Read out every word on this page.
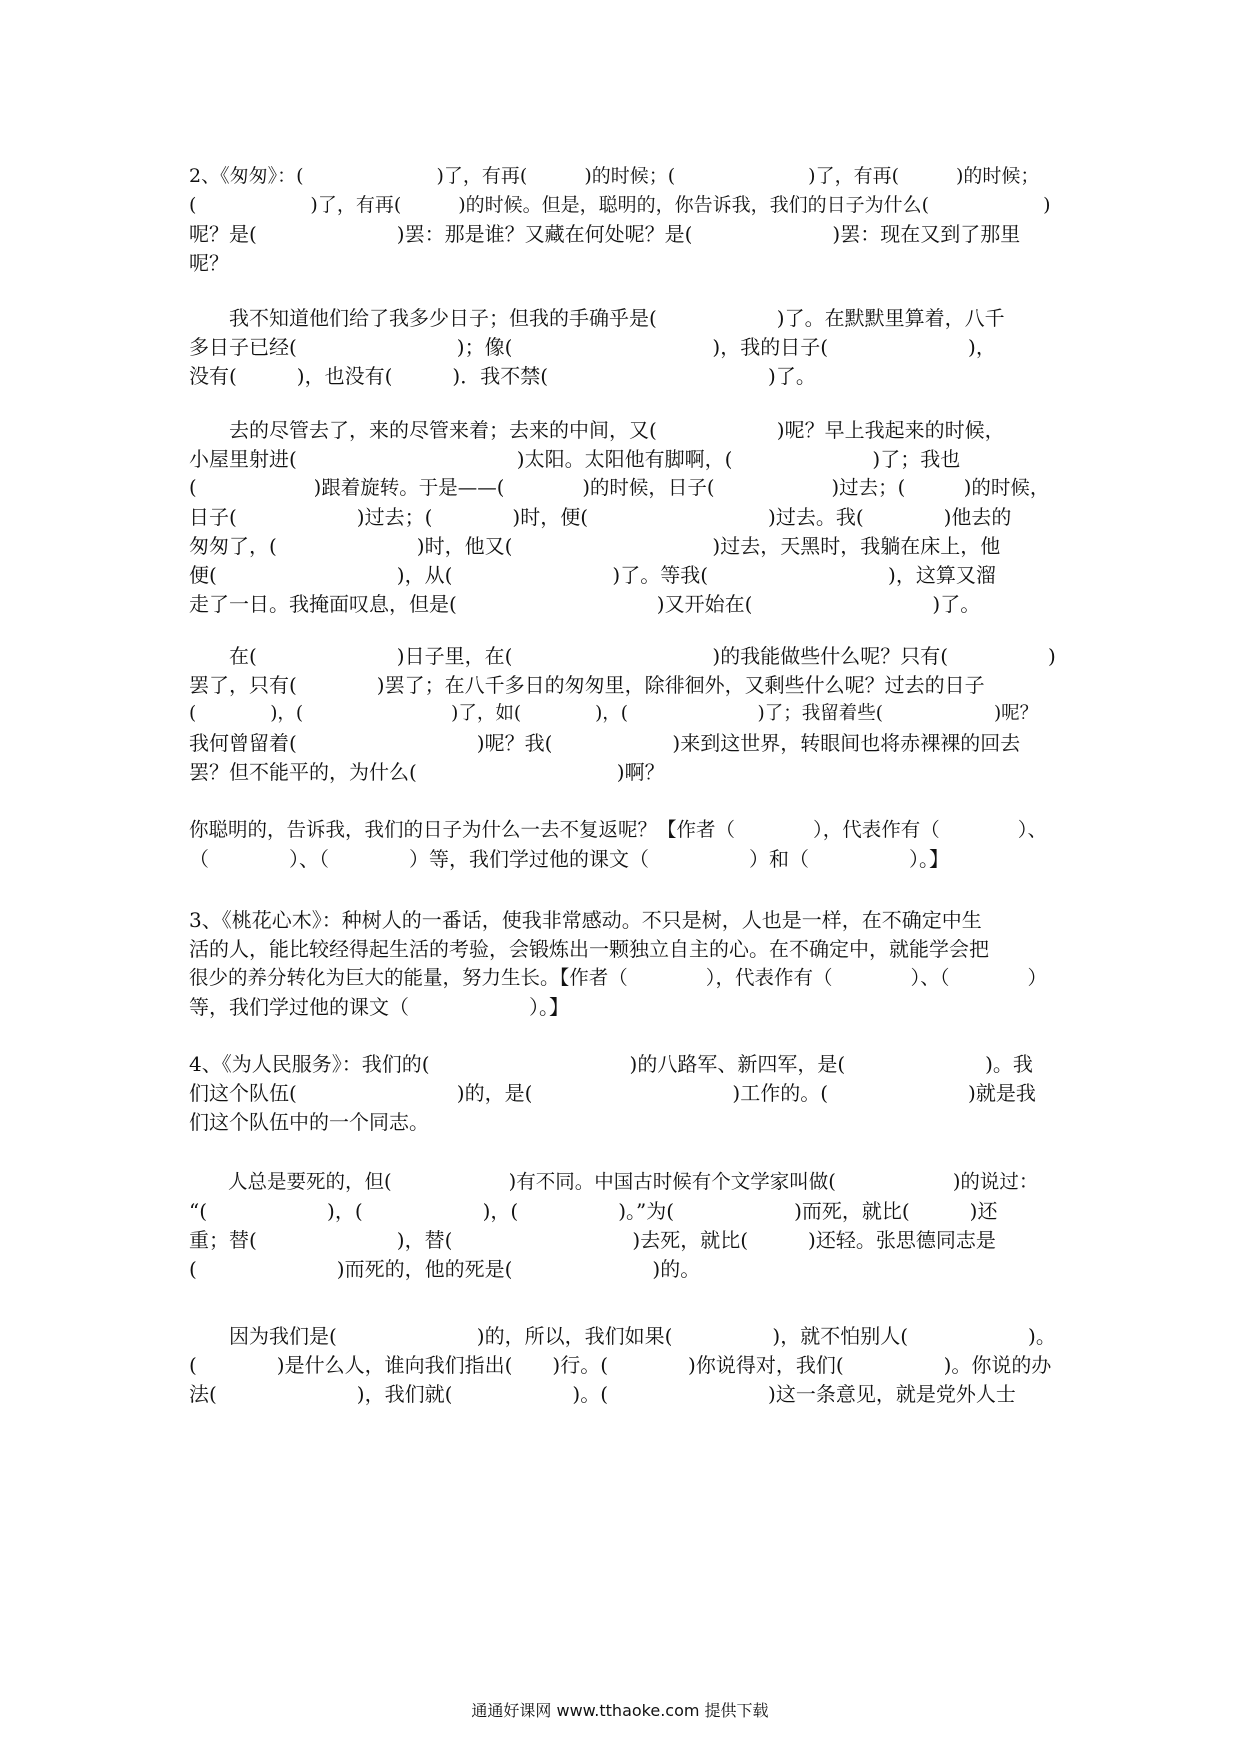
2、《匆匆》：(　　　　　　　)了，有再(　　　)的时候；(　　　　　　　)了，有再(　　　)的时候；
(　　　　　　)了，有再(　　　)的时候。但是，聪明的，你告诉我，我们的日子为什么(　　　　　　)
呢？是(　　　　　　　)罢：那是谁？又藏在何处呢？是(　　　　　　　)罢：现在又到了那里
呢？
　　我不知道他们给了我多少日子；但我的手确乎是(　　　　　　)了。在默默里算着，八千
多日子已经(　　　　　　　　)；像(　　　　　　　　　　)，我的日子(　　　　　　　)，
没有(　　　)，也没有(　　　)．我不禁(　　　　　　　　　　　)了。
　　去的尽管去了，来的尽管来着；去来的中间，又(　　　　　　)呢？早上我起来的时候，
小屋里射进(　　　　　　　　　　　)太阳。太阳他有脚啊，(　　　　　　　)了；我也
(　　　　　　)跟着旋转。于是——(　　　　)的时候，日子(　　　　　　)过去；(　　　)的时候，
日子(　　　　　　)过去；(　　　　)时，便(　　　　　　　　　)过去。我(　　　　)他去的
匆匆了，(　　　　　　　)时，他又(　　　　　　　　　　)过去，天黑时，我躺在床上，他
便(　　　　　　　　　)，从(　　　　　　　　)了。等我(　　　　　　　　　)，这算又溜
走了一日。我掩面叹息，但是(　　　　　　　　　　)又开始在(　　　　　　　　　)了。
　　在(　　　　　　　)日子里，在(　　　　　　　　　　)的我能做些什么呢？只有(　　　　　)
罢了，只有(　　　　)罢了；在八千多日的匆匆里，除徘徊外，又剩些什么呢？过去的日子
(　　　　)，(　　　　　　　　)了，如(　　　　)，(　　　　　　　)了；我留着些(　　　　　　)呢？
我何曾留着(　　　　　　　　　)呢？我(　　　　　　)来到这世界，转眼间也将赤裸裸的回去
罢？但不能平的，为什么(　　　　　　　　　　)啊？
你聪明的，告诉我，我们的日子为什么一去不复返呢？【作者（　　　　），代表作有（　　　　）、
（　　　　）、（　　　　）等，我们学过他的课文（　　　　　）和（　　　　　）。】
3、《桃花心木》：种树人的一番话，使我非常感动。不只是树，人也是一样，在不确定中生
活的人，能比较经得起生活的考验，会锻炼出一颗独立自主的心。在不确定中，就能学会把
很少的养分转化为巨大的能量，努力生长。【作者（　　　　），代表作有（　　　　）、（　　　　）
等，我们学过他的课文（　　　　　　）。】
4、《为人民服务》：我们的(　　　　　　　　　　)的八路军、新四军，是(　　　　　　　)。我
们这个队伍(　　　　　　　　)的，是(　　　　　　　　　　)工作的。(　　　　　　　)就是我
们这个队伍中的一个同志。
　　人总是要死的，但(　　　　　　)有不同。中国古时候有个文学家叫做(　　　　　　)的说过：
“(　　　　　　)，(　　　　　　)，(　　　　　)。”为(　　　　　　)而死，就比(　　　)还
重；替(　　　　　　　)，替(　　　　　　　　　)去死，就比(　　　)还轻。张思德同志是
(　　　　　　　)而死的，他的死是(　　　　　　　)的。
　　因为我们是(　　　　　　　)的，所以，我们如果(　　　　　)，就不怕别人(　　　　　　)。
(　　　　)是什么人，谁向我们指出(　　)行。(　　　　)你说得对，我们(　　　　　)。你说的办
法(　　　　　　　)，我们就(　　　　　　)。(　　　　　　　　)这一条意见，就是党外人士
通通好课网 www.tthaoke.com 提供下载
